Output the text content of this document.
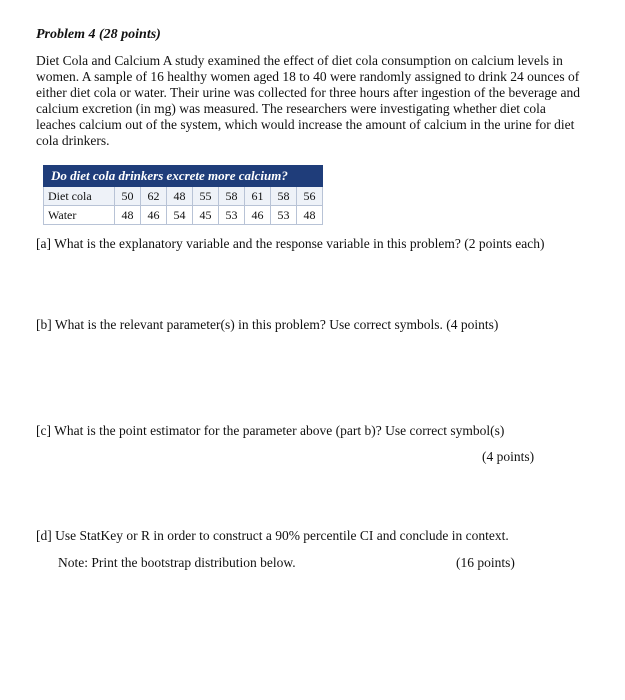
Problem 4 (28 points)

Diet Cola and Calcium A study examined the effect of diet cola consumption on calcium levels in women. A sample of 16 healthy women aged 18 to 40 were randomly assigned to drink 24 ounces of either diet cola or water. Their urine was collected for three hours after ingestion of the beverage and calcium excretion (in mg) was measured. The researchers were investigating whether diet cola leaches calcium out of the system, which would increase the amount of calcium in the urine for diet cola drinkers.

Do diet cola drinkers excrete more calcium?								
Diet cola	50	62	48	55	58	61	58	56
Water	48	46	54	45	53	46	53	48

[a] What is the explanatory variable and the response variable in this problem? (2 points each)

[b] What is the relevant parameter(s) in this problem? Use correct symbols. (4 points)

[c] What is the point estimator for the parameter above (part b)? Use correct symbol(s)

(4 points)

[d] Use StatKey or R in order to construct a 90% percentile CI and conclude in context.

Note: Print the bootstrap distribution below.	(16 points)
